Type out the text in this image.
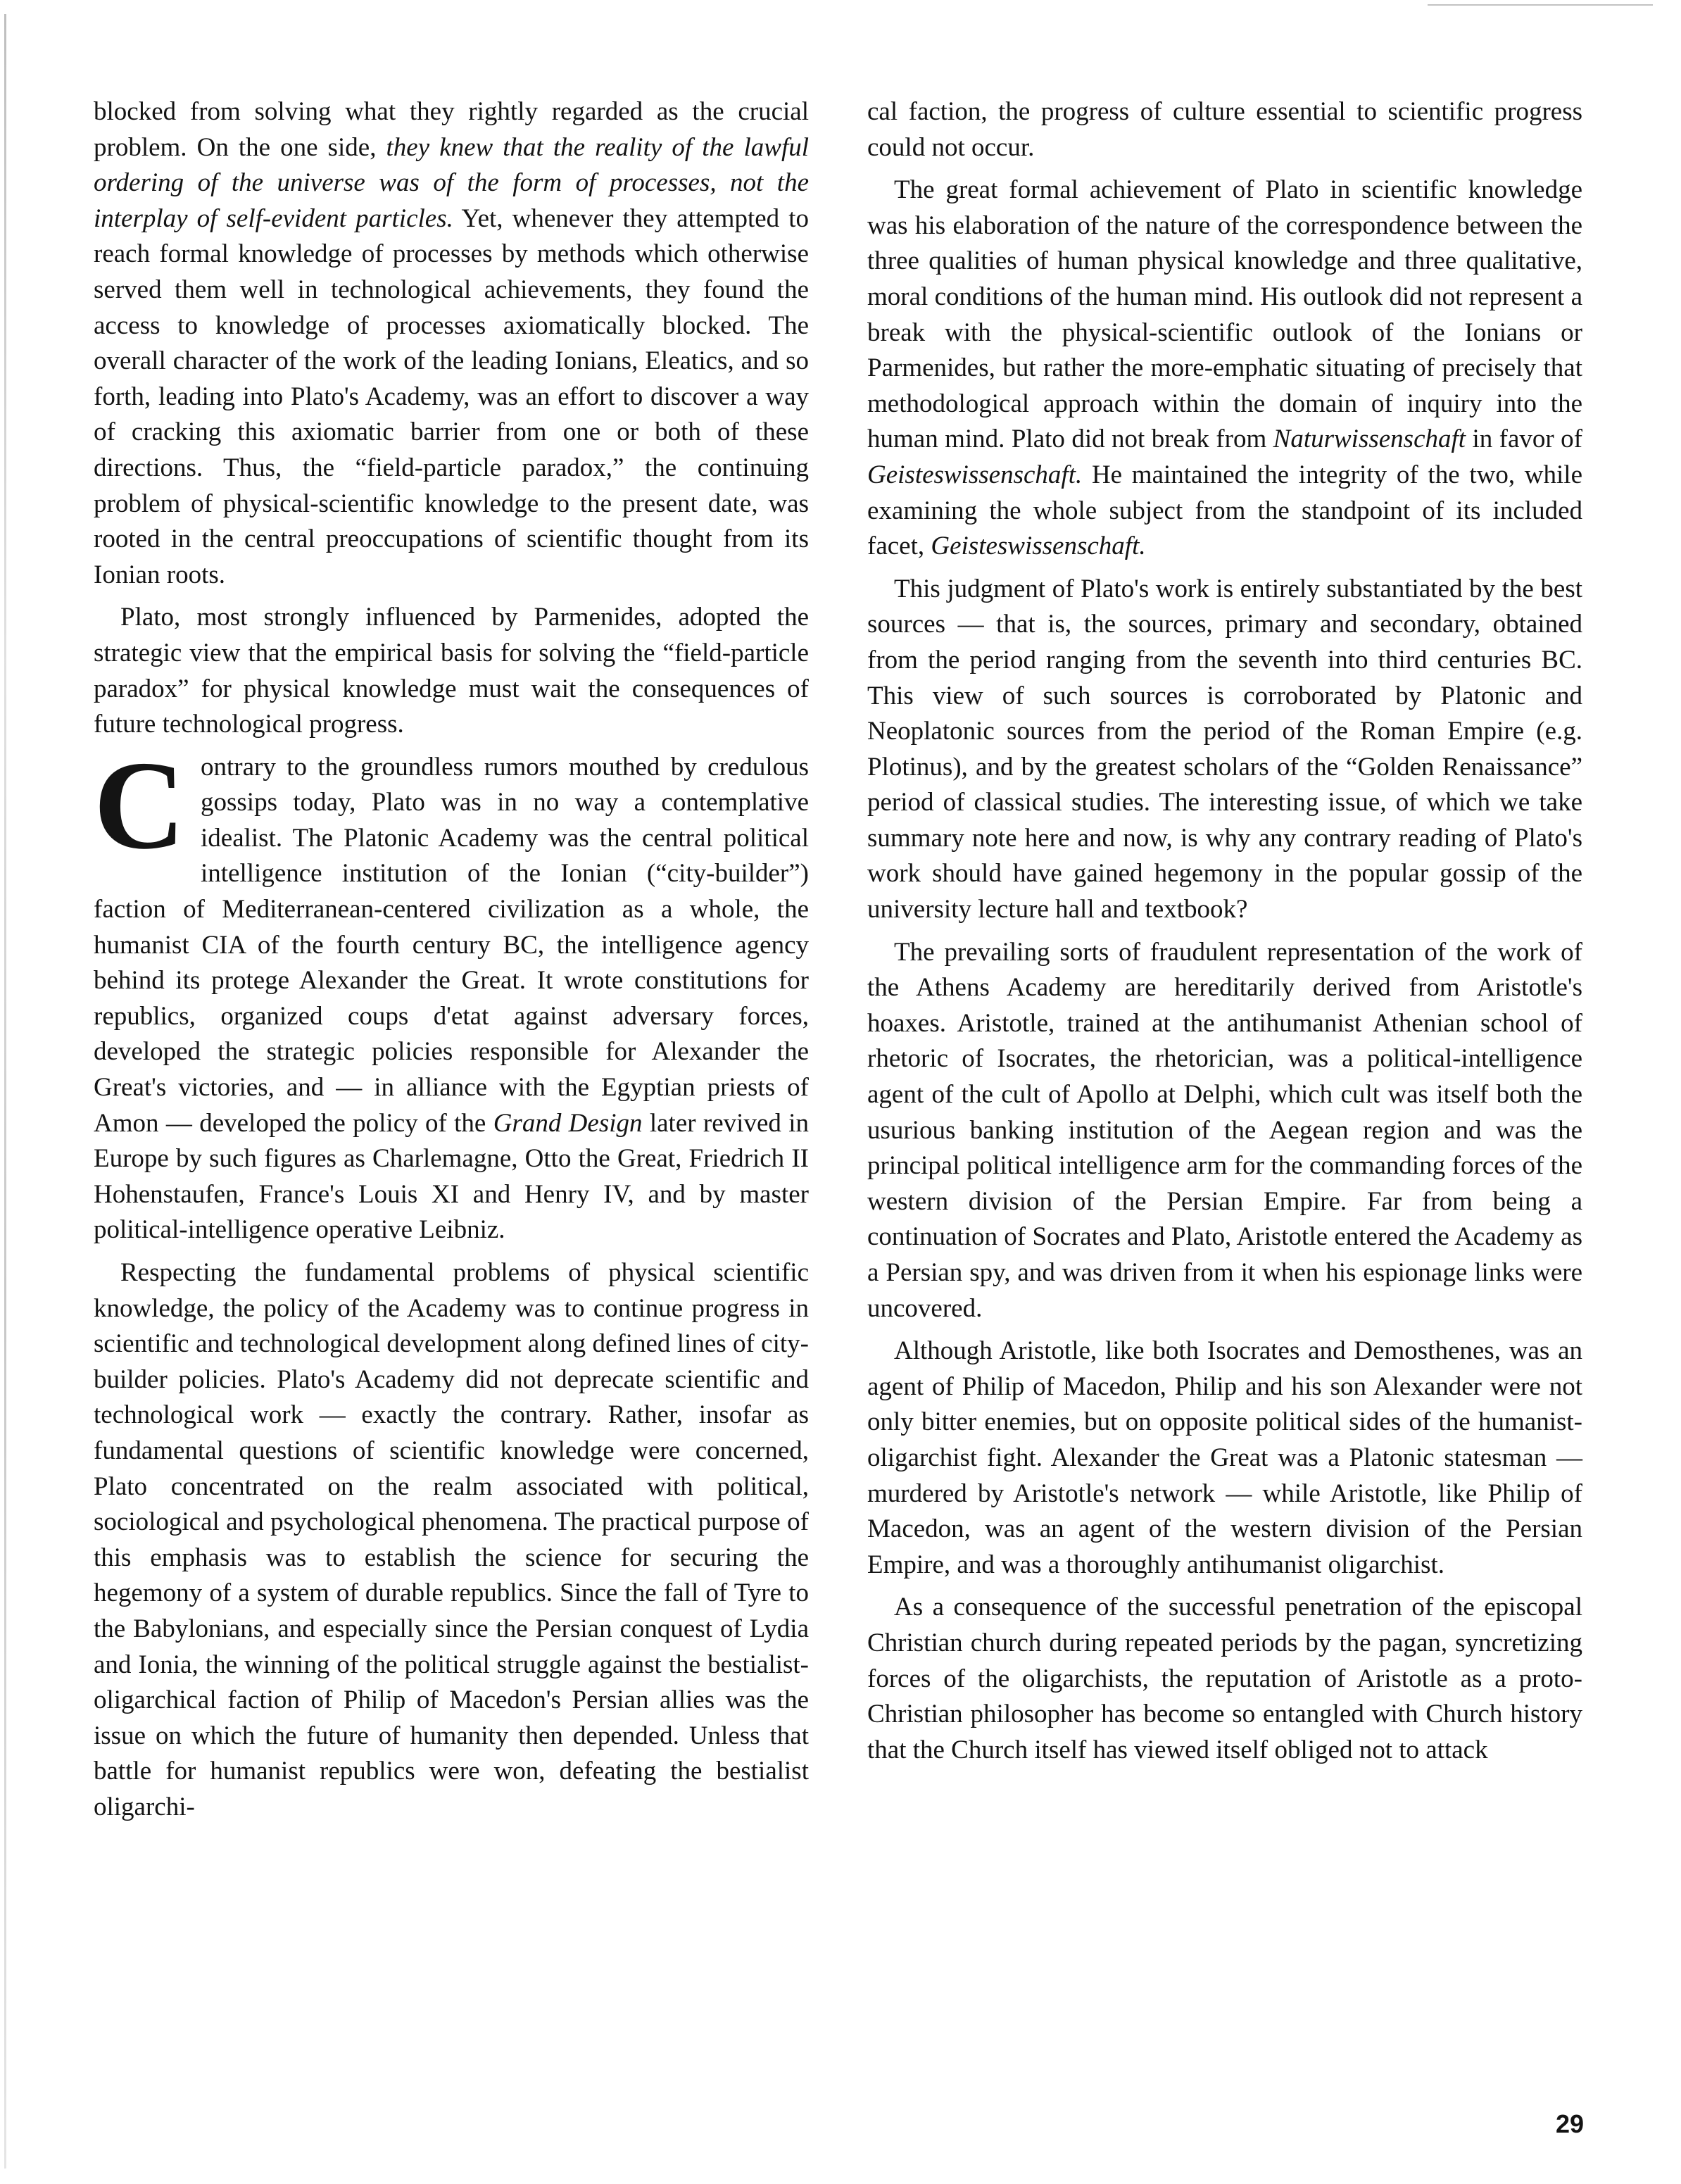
blocked from solving what they rightly regarded as the crucial problem. On the one side, they knew that the reality of the lawful ordering of the universe was of the form of processes, not the interplay of self-evident particles. Yet, whenever they attempted to reach formal knowledge of processes by methods which otherwise served them well in technological achievements, they found the access to knowledge of processes axiomatically blocked. The overall character of the work of the leading Ionians, Eleatics, and so forth, leading into Plato's Academy, was an effort to discover a way of cracking this axiomatic barrier from one or both of these directions. Thus, the “field-particle paradox,” the continuing problem of physical-scientific knowledge to the present date, was rooted in the central preoccupations of scientific thought from its Ionian roots.

Plato, most strongly influenced by Parmenides, adopted the strategic view that the empirical basis for solving the “field-particle paradox” for physical knowledge must wait the consequences of future technological progress.

Contrary to the groundless rumors mouthed by credulous gossips today, Plato was in no way a contemplative idealist. The Platonic Academy was the central political intelligence institution of the Ionian (“city-builder”) faction of Mediterranean-centered civilization as a whole, the humanist CIA of the fourth century BC, the intelligence agency behind its protege Alexander the Great. It wrote constitutions for republics, organized coups d'etat against adversary forces, developed the strategic policies responsible for Alexander the Great's victories, and — in alliance with the Egyptian priests of Amon — developed the policy of the Grand Design later revived in Europe by such figures as Charlemagne, Otto the Great, Friedrich II Hohenstaufen, France's Louis XI and Henry IV, and by master political-intelligence operative Leibniz.

Respecting the fundamental problems of physical scientific knowledge, the policy of the Academy was to continue progress in scientific and technological development along defined lines of city-builder policies. Plato's Academy did not deprecate scientific and technological work — exactly the contrary. Rather, insofar as fundamental questions of scientific knowledge were concerned, Plato concentrated on the realm associated with political, sociological and psychological phenomena. The practical purpose of this emphasis was to establish the science for securing the hegemony of a system of durable republics. Since the fall of Tyre to the Babylonians, and especially since the Persian conquest of Lydia and Ionia, the winning of the political struggle against the bestialist-oligarchical faction of Philip of Macedon's Persian allies was the issue on which the future of humanity then depended. Unless that battle for humanist republics were won, defeating the bestialist oligarchi-

cal faction, the progress of culture essential to scientific progress could not occur.

The great formal achievement of Plato in scientific knowledge was his elaboration of the nature of the correspondence between the three qualities of human physical knowledge and three qualitative, moral conditions of the human mind. His outlook did not represent a break with the physical-scientific outlook of the Ionians or Parmenides, but rather the more-emphatic situating of precisely that methodological approach within the domain of inquiry into the human mind. Plato did not break from Naturwissenschaft in favor of Geisteswissenschaft. He maintained the integrity of the two, while examining the whole subject from the standpoint of its included facet, Geisteswissenschaft.

This judgment of Plato's work is entirely substantiated by the best sources — that is, the sources, primary and secondary, obtained from the period ranging from the seventh into third centuries BC. This view of such sources is corroborated by Platonic and Neoplatonic sources from the period of the Roman Empire (e.g. Plotinus), and by the greatest scholars of the “Golden Renaissance” period of classical studies. The interesting issue, of which we take summary note here and now, is why any contrary reading of Plato's work should have gained hegemony in the popular gossip of the university lecture hall and textbook?

The prevailing sorts of fraudulent representation of the work of the Athens Academy are hereditarily derived from Aristotle's hoaxes. Aristotle, trained at the antihumanist Athenian school of rhetoric of Isocrates, the rhetorician, was a political-intelligence agent of the cult of Apollo at Delphi, which cult was itself both the usurious banking institution of the Aegean region and was the principal political intelligence arm for the commanding forces of the western division of the Persian Empire. Far from being a continuation of Socrates and Plato, Aristotle entered the Academy as a Persian spy, and was driven from it when his espionage links were uncovered.

Although Aristotle, like both Isocrates and Demosthenes, was an agent of Philip of Macedon, Philip and his son Alexander were not only bitter enemies, but on opposite political sides of the humanist-oligarchist fight. Alexander the Great was a Platonic statesman — murdered by Aristotle's network — while Aristotle, like Philip of Macedon, was an agent of the western division of the Persian Empire, and was a thoroughly antihumanist oligarchist.

As a consequence of the successful penetration of the episcopal Christian church during repeated periods by the pagan, syncretizing forces of the oligarchists, the reputation of Aristotle as a proto-Christian philosopher has become so entangled with Church history that the Church itself has viewed itself obliged not to attack

29
